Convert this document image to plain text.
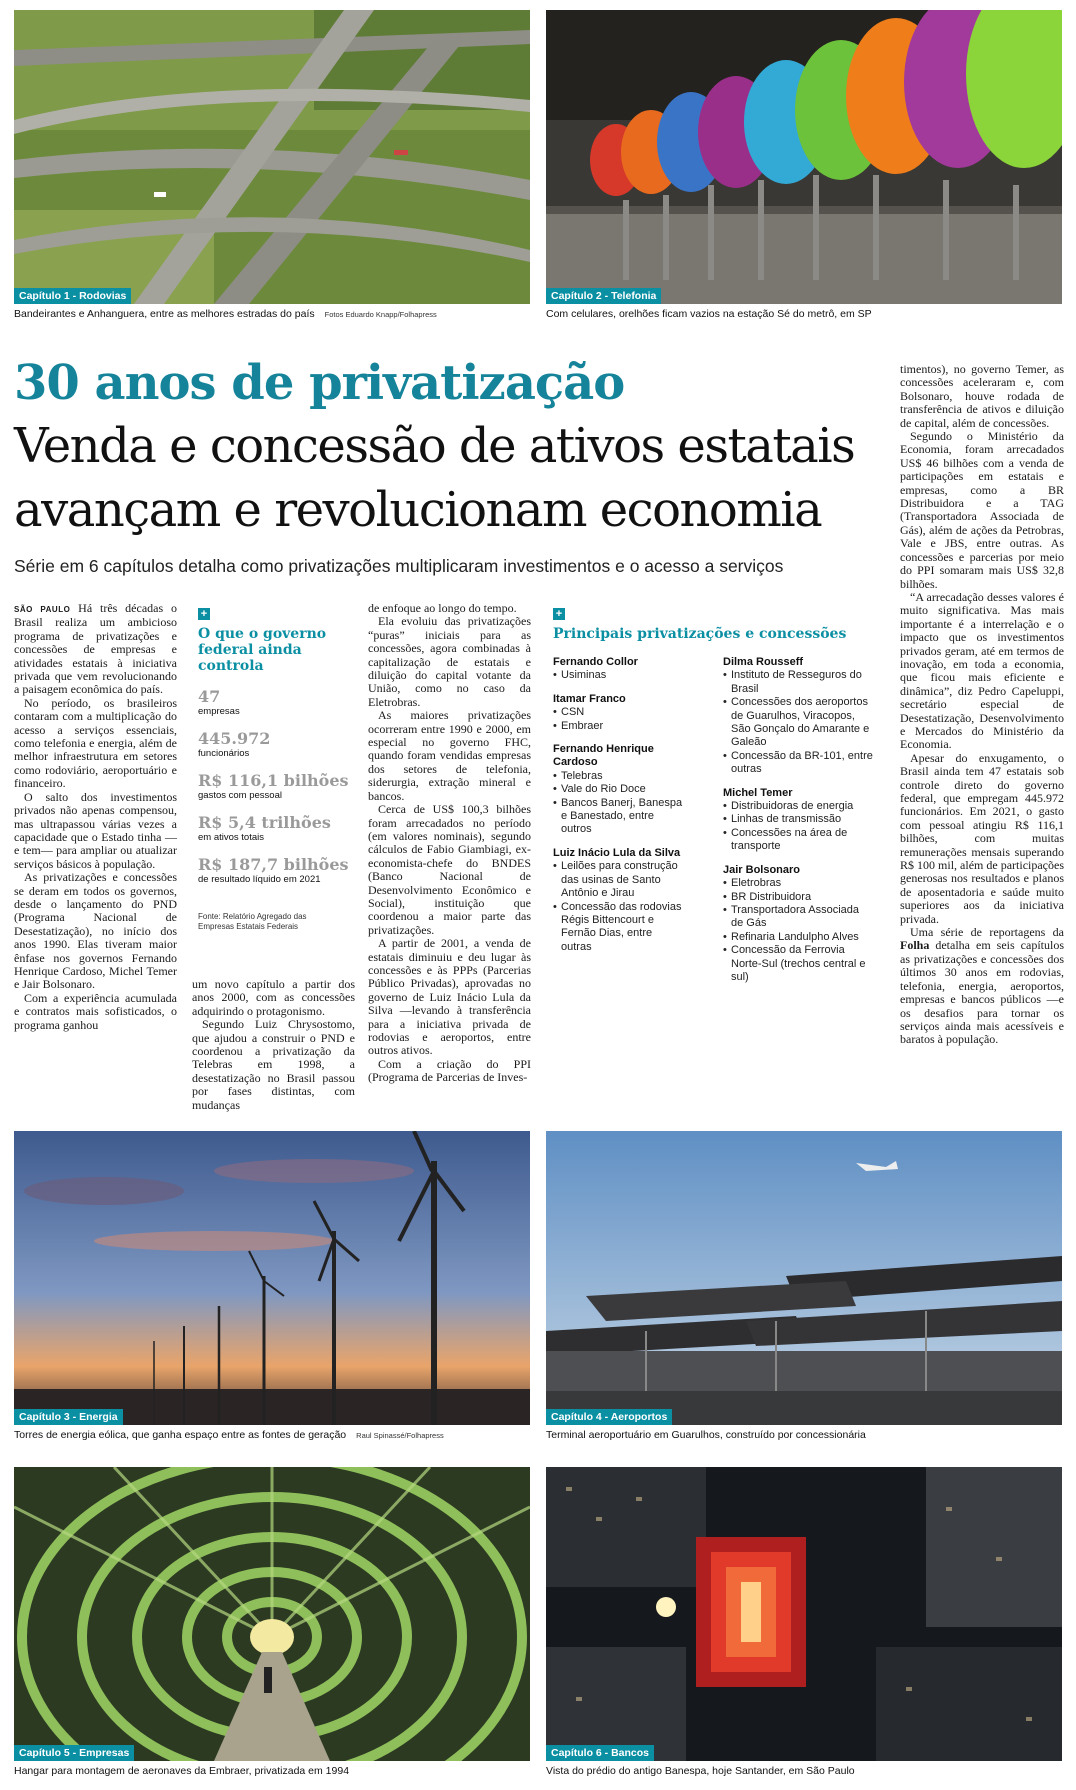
Capítulo 1 - Rodovias
Bandeirantes e Anhanguera, entre as melhores estradas do país Fotos Eduardo Knapp/Folhapress
Capítulo 2 - Telefonia
Com celulares, orelhões ficam vazios na estação Sé do metrô, em SP
30 anos de privatização
Venda e concessão de ativos estatais
avançam e revolucionam economia
Série em 6 capítulos detalha como privatizações multiplicaram investimentos e o acesso a serviços

SÃO PAULO Há três décadas o Brasil realiza um ambicioso programa de privatizações e concessões de empresas e atividades estatais à iniciativa privada que vem revolucionando a paisagem econômica do país.

No período, os brasileiros contaram com a multiplicação do acesso a serviços essenciais, como telefonia e energia, além de melhor infraestrutura em setores como rodoviário, aeroportuário e financeiro.

O salto dos investimentos privados não apenas compensou, mas ultrapassou várias vezes a capacidade que o Estado tinha —e tem— para ampliar ou atualizar serviços básicos à população.

As privatizações e concessões se deram em todos os governos, desde o lançamento do PND (Programa Nacional de Desestatização), no início dos anos 1990. Elas tiveram maior ênfase nos governos Fernando Henrique Cardoso, Michel Temer e Jair Bolsonaro.

Com a experiência acumulada e contratos mais sofisticados, o programa ganhou

+
O que o governo federal ainda controla
47
empresas
445.972
funcionários
R$ 116,1 bilhões
gastos com pessoal
R$ 5,4 trilhões
em ativos totais
R$ 187,7 bilhões
de resultado líquido em 2021
Fonte: Relatório Agregado das Empresas Estatais Federais

um novo capítulo a partir dos anos 2000, com as concessões adquirindo o protagonismo.

Segundo Luiz Chrysostomo, que ajudou a construir o PND e coordenou a privatização da Telebras em 1998, a desestatização no Brasil passou por fases distintas, com mudanças

de enfoque ao longo do tempo.

Ela evoluiu das privatizações “puras” iniciais para as concessões, agora combinadas à capitalização de estatais e diluição do capital votante da União, como no caso da Eletrobras.

As maiores privatizações ocorreram entre 1990 e 2000, em especial no governo FHC, quando foram vendidas empresas dos setores de telefonia, siderurgia, extração mineral e bancos.

Cerca de US$ 100,3 bilhões foram arrecadados no período (em valores nominais), segundo cálculos de Fabio Giambiagi, ex-economista-chefe do BNDES (Banco Nacional de Desenvolvimento Econômico e Social), instituição que coordenou a maior parte das privatizações.

A partir de 2001, a venda de estatais diminuiu e deu lugar às concessões e às PPPs (Parcerias Público Privadas), aprovadas no governo de Luiz Inácio Lula da Silva —levando à transferência para a iniciativa privada de rodovias e aeroportos, entre outros ativos.

Com a criação do PPI (Programa de Parcerias de Inves-

+
Principais privatizações e concessões
Fernando Collor
• Usiminas
Itamar Franco
• CSN
• Embraer
Fernando Henrique Cardoso
• Telebras
• Vale do Rio Doce
• Bancos Banerj, Banespa e Banestado, entre outros
Luiz Inácio Lula da Silva
• Leilões para construção das usinas de Santo Antônio e Jirau
• Concessão das rodovias Régis Bittencourt e Fernão Dias, entre outras
Dilma Rousseff
• Instituto de Resseguros do Brasil
• Concessões dos aeroportos de Guarulhos, Viracopos, São Gonçalo do Amarante e Galeão
• Concessão da BR-101, entre outras
Michel Temer
• Distribuidoras de energia
• Linhas de transmissão
• Concessões na área de transporte
Jair Bolsonaro
• Eletrobras
• BR Distribuidora
• Transportadora Associada de Gás
• Refinaria Landulpho Alves
• Concessão da Ferrovia Norte-Sul (trechos central e sul)

timentos), no governo Temer, as concessões aceleraram e, com Bolsonaro, houve rodada de transferência de ativos e diluição de capital, além de concessões.

Segundo o Ministério da Economia, foram arrecadados US$ 46 bilhões com a venda de participações em estatais e empresas, como a BR Distribuidora e a TAG (Transportadora Associada de Gás), além de ações da Petrobras, Vale e JBS, entre outras. As concessões e parcerias por meio do PPI somaram mais US$ 32,8 bilhões.

“A arrecadação desses valores é muito significativa. Mas mais importante é a interrelação e o impacto que os investimentos privados geram, até em termos de inovação, em toda a economia, que ficou mais eficiente e dinâmica”, diz Pedro Capeluppi, secretário especial de Desestatização, Desenvolvimento e Mercados do Ministério da Economia.

Apesar do enxugamento, o Brasil ainda tem 47 estatais sob controle direto do governo federal, que empregam 445.972 funcionários. Em 2021, o gasto com pessoal atingiu R$ 116,1 bilhões, com muitas remunerações mensais superando R$ 100 mil, além de participações generosas nos resultados e planos de aposentadoria e saúde muito superiores aos da iniciativa privada.

Uma série de reportagens da Folha detalha em seis capítulos as privatizações e concessões dos últimos 30 anos em rodovias, telefonia, energia, aeroportos, empresas e bancos públicos —e os desafios para tornar os serviços ainda mais acessíveis e baratos à população.

Capítulo 3 - Energia
Torres de energia eólica, que ganha espaço entre as fontes de geração Raul Spinassé/Folhapress
Capítulo 4 - Aeroportos
Terminal aeroportuário em Guarulhos, construído por concessionária
Capítulo 5 - Empresas
Hangar para montagem de aeronaves da Embraer, privatizada em 1994
Capítulo 6 - Bancos
Vista do prédio do antigo Banespa, hoje Santander, em São Paulo
